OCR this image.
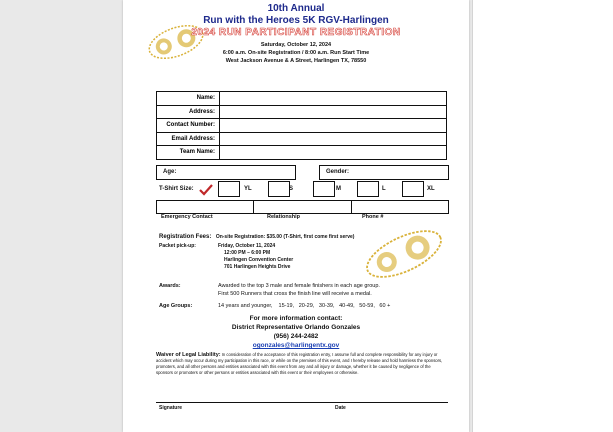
10th Annual
Run with the Heroes 5K RGV-Harlingen
2024 RUN PARTICIPANT REGISTRATION
Saturday, October 12, 2024
6:00 a.m. On-site Registration / 8:00 a.m. Run Start Time
West Jackson Avenue & A Street, Harlingen TX, 78550
Name:	
Address:	
Contact Number:	
Email Address:	
Team Name:	
Age:	Gender:
T-Shirt Size:	YL	S	M	L	XL
Emergency Contact	Relationship	Phone #
Registration Fees: On-site Registration: $35.00 (T-Shirt, first come first serve)
Packet pick-up:	Friday, October 11, 2024
12:00 PM – 6:00 PM
Harlingen Convention Center
701 Harlingen Heights Drive
Awards:	Awarded to the top 3 male and female finishers in each age group.
First 500 Runners that cross the finish line will receive a medal.
Age Groups:	14 years and younger,    15-19,   20-29,   30-39,   40-49,   50-59,   60 +
For more information contact:
District Representative Orlando Gonzales
(956) 244-2482
ogonzales@harlingentx.gov
Waiver of Legal Liability: In consideration of the acceptance of this registration entry, I assume full and complete responsibility for any injury or accident which may occur during my participation in this race, or while on the premises of this event, and I hereby release and hold harmless the sponsors, promoters, and all other persons and entities associated with this event from any and all injury or damage, whether it be caused by negligence of the sponsors or promoters or other persons or entities associated with this event or their employees or otherwise.
Signature	Date
